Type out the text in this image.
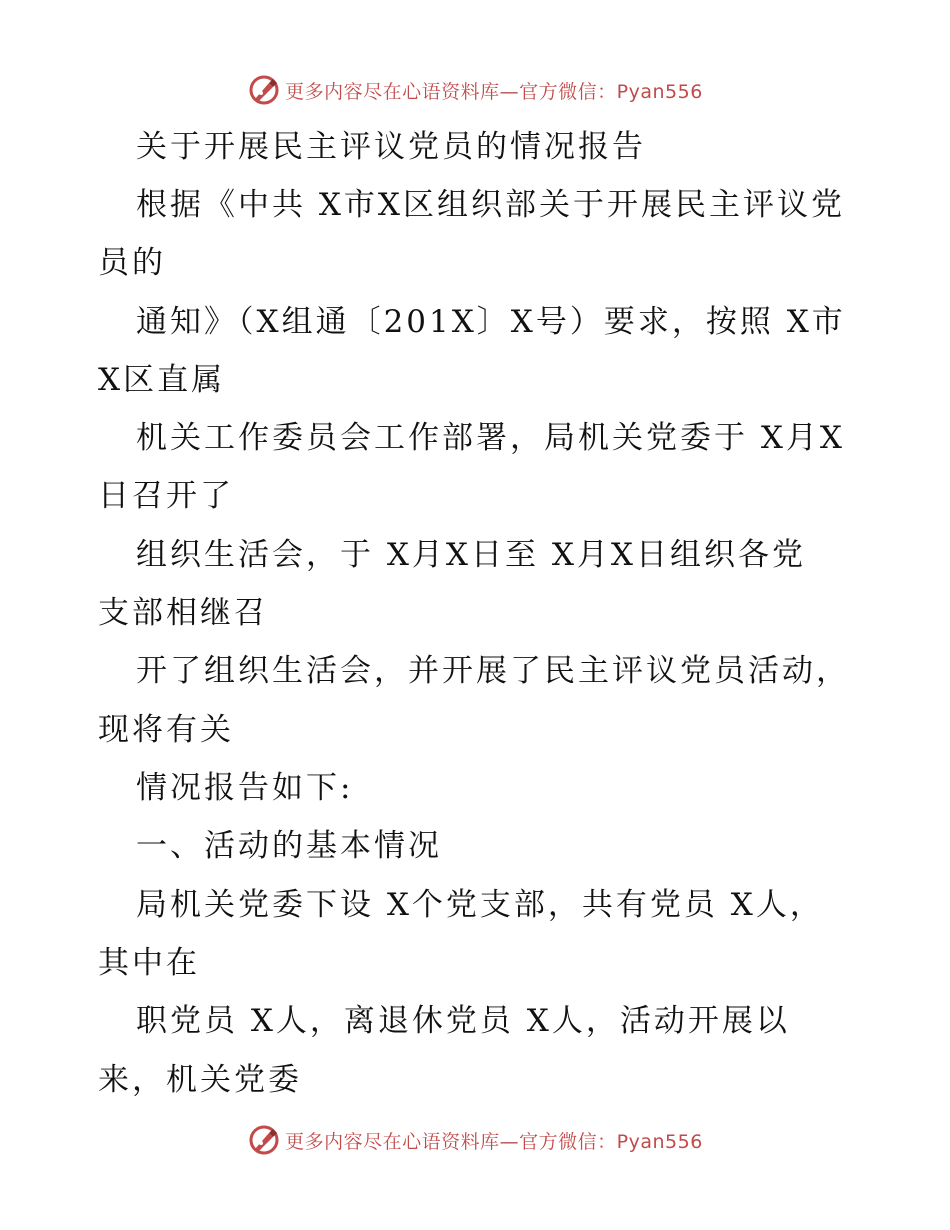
更多内容尽在心语资料库—官方微信：Pyan556
关于开展民主评议党员的情况报告
根据《中共 X市X区组织部关于开展民主评议党
员的
通知》（X组通〔201X〕X号）要求，按照 X市
X区直属
机关工作委员会工作部署，局机关党委于 X月X
日召开了
组织生活会，于 X月X日至 X月X日组织各党
支部相继召
开了组织生活会，并开展了民主评议党员活动，
现将有关
情况报告如下:
一、活动的基本情况
局机关党委下设 X个党支部，共有党员 X人，
其中在
职党员 X人，离退休党员 X人，活动开展以
来，机关党委
更多内容尽在心语资料库—官方微信：Pyan556
